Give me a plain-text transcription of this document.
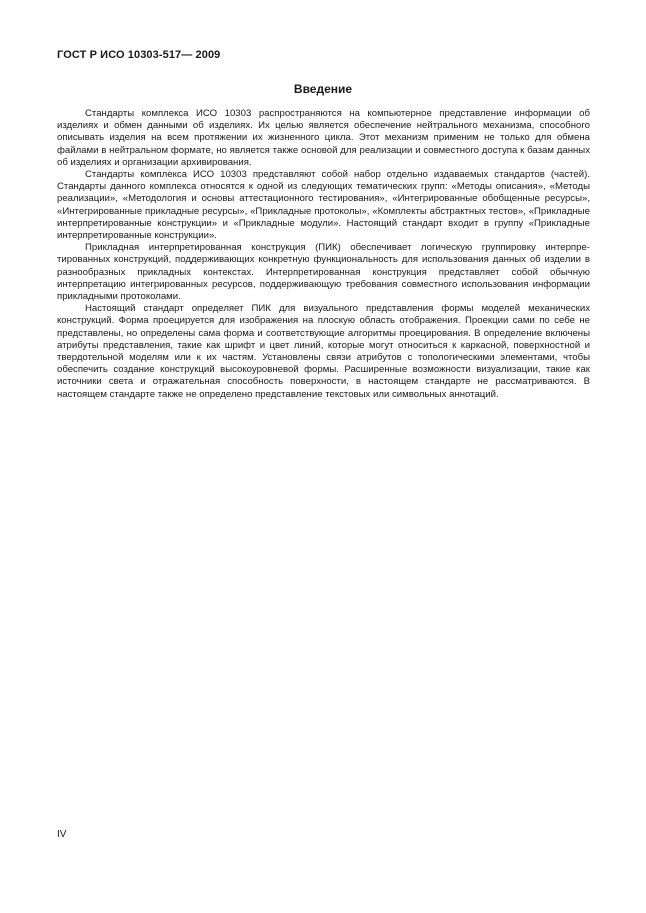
ГОСТ Р ИСО 10303-517— 2009
Введение

Стандарты комплекса ИСО 10303 распространяются на компьютерное представление информации об изделиях и обмен данными об изделиях. Их целью является обеспечение нейтрального механизма, способного описывать изделия на всем протяжении их жизненного цикла. Этот механизм применим не только для обмена файлами в нейтральном формате, но является также основой для реализации и совместного доступа к базам данных об изделиях и организации архивирования.

Стандарты комплекса ИСО 10303 представляют собой набор отдельно издаваемых стандартов (частей). Стандарты данного комплекса относятся к одной из следующих тематических групп: «Методы описания», «Методы реализации», «Методология и основы аттестационного тестирования», «Интегрированные обобщенные ресурсы», «Интегрированные прикладные ресурсы», «Прикладные протоколы», «Комплекты абстрактных тестов», «Прикладные интерпретированные конструкции» и «Прикладные модули». Настоящий стандарт входит в группу «Прикладные интерпретированные конструкции».

Прикладная интерпретированная конструкция (ПИК) обеспечивает логическую группировку интерпретированных конструкций, поддерживающих конкретную функциональность для использования данных об изделии в разнообразных прикладных контекстах. Интерпретированная конструкция представляет собой обычную интерпретацию интегрированных ресурсов, поддерживающую требования совместного использования информации прикладными протоколами.

Настоящий стандарт определяет ПИК для визуального представления формы моделей механических конструкций. Форма проецируется для изображения на плоскую область отображения. Проекции сами по себе не представлены, но определены сама форма и соответствующие алгоритмы проецирования. В определение включены атрибуты представления, такие как шрифт и цвет линий, которые могут относиться к каркасной, поверхностной и твердотельной моделям или к их частям. Установлены связи атрибутов с топологическими элементами, чтобы обеспечить создание конструкций высокоуровневой формы. Расширенные возможности визуализации, такие как источники света и отражательная способность поверхности, в настоящем стандарте не рассматриваются. В настоящем стандарте также не определено представление текстовых или символьных аннотаций.

IV
